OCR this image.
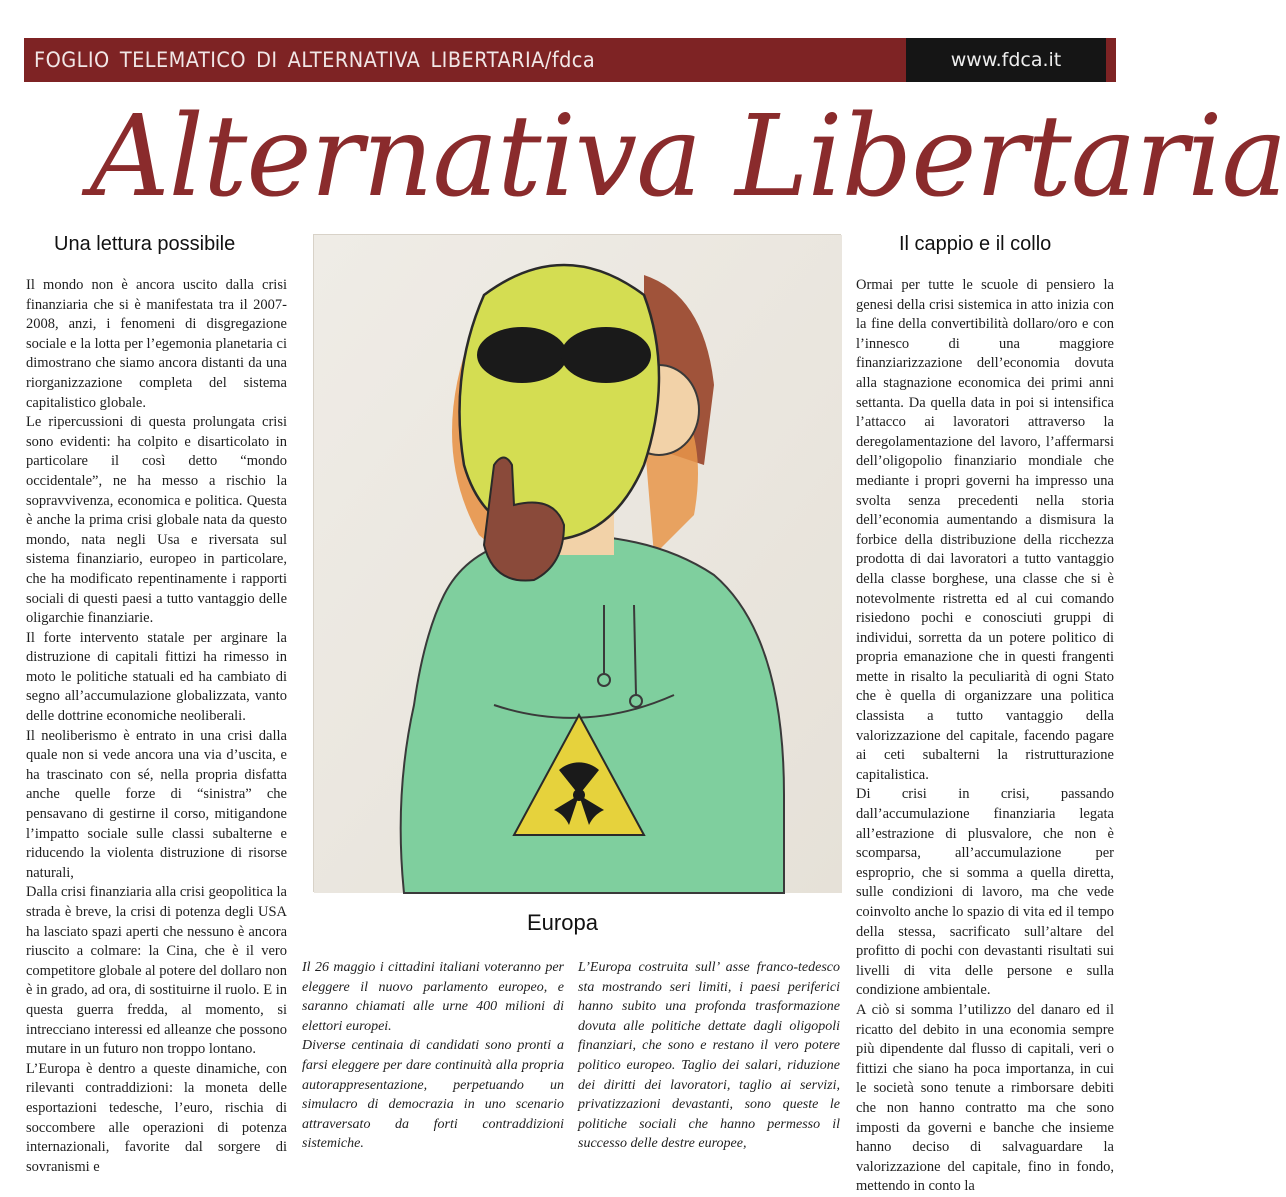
FOGLIO TELEMATICO DI ALTERNATIVA LIBERTARIA/fdca	www.fdca.it
Alternativa Libertaria
Una lettura possibile

Il mondo non è ancora uscito dalla crisi finanziaria che si è manifestata tra il 2007-2008, anzi, i fenomeni di disgregazione sociale e la lotta per l’egemonia planetaria ci dimostrano che siamo ancora distanti da una riorganizzazione completa del sistema capitalistico globale.

Le ripercussioni di questa prolungata crisi sono evidenti: ha colpito e disarticolato in particolare il così detto “mondo occidentale”, ne ha messo a rischio la sopravvivenza, economica e politica. Questa è anche la prima crisi globale nata da questo mondo, nata negli Usa e riversata sul sistema finanziario, europeo in particolare, che ha modificato repentinamente i rapporti sociali di questi paesi a tutto vantaggio delle oligarchie finanziarie.

Il forte intervento statale per arginare la distruzione di capitali fittizi ha rimesso in moto le politiche statuali ed ha cambiato di segno all’accumulazione globalizzata, vanto delle dottrine economiche neoliberali.

Il neoliberismo è entrato in una crisi dalla quale non si vede ancora una via d’uscita, e ha trascinato con sé, nella propria disfatta anche quelle forze di “sinistra” che pensavano di gestirne il corso, mitigandone l’impatto sociale sulle classi subalterne e riducendo la violenta distruzione di risorse naturali,

Dalla crisi finanziaria alla crisi geopolitica la strada è breve, la crisi di potenza degli USA ha lasciato spazi aperti che nessuno è ancora riuscito a colmare: la Cina, che è il vero competitore globale al potere del dollaro non è in grado, ad ora, di sostituirne il ruolo. E in questa guerra fredda, al momento, si intrecciano interessi ed alleanze che possono mutare in un futuro non troppo lontano.

L’Europa è dentro a queste dinamiche, con rilevanti contraddizioni: la moneta delle esportazioni tedesche, l’euro, rischia di soccombere alle operazioni di potenza internazionali, favorite dal sorgere di sovranismi e

Europa

Il 26 maggio i cittadini italiani voteranno per eleggere il nuovo parlamento europeo, e saranno chiamati alle urne 400 milioni di elettori europei.

Diverse centinaia di candidati sono pronti a farsi eleggere per dare continuità alla propria autorappresentazione, perpetuando un simulacro di democrazia in uno scenario attraversato da forti contraddizioni sistemiche.

L’Europa costruita sull’ asse franco-tedesco sta mostrando seri limiti, i paesi periferici hanno subito una profonda trasformazione dovuta alle politiche dettate dagli oligopoli finanziari, che sono e restano il vero potere politico europeo. Taglio dei salari, riduzione dei diritti dei lavoratori, taglio ai servizi, privatizzazioni devastanti, sono queste le politiche sociali che hanno permesso il successo delle destre europee,

Il cappio e il collo

Ormai per tutte le scuole di pensiero la genesi della crisi sistemica in atto inizia con la fine della convertibilità dollaro/oro e con l’innesco di una maggiore finanziarizzazione dell’economia dovuta alla stagnazione economica dei primi anni settanta. Da quella data in poi si intensifica l’attacco ai lavoratori attraverso la deregolamentazione del lavoro, l’affermarsi dell’oligopolio finanziario mondiale che mediante i propri governi ha impresso una svolta senza precedenti nella storia dell’economia aumentando a dismisura la forbice della distribuzione della ricchezza prodotta di dai lavoratori a tutto vantaggio della classe borghese, una classe che si è notevolmente ristretta ed al cui comando risiedono pochi e conosciuti gruppi di individui, sorretta da un potere politico di propria emanazione che in questi frangenti mette in risalto la peculiarità di ogni Stato che è quella di organizzare una politica classista a tutto vantaggio della valorizzazione del capitale, facendo pagare ai ceti subalterni la ristrutturazione capitalistica.

Di crisi in crisi, passando dall’accumulazione finanziaria legata all’estrazione di plusvalore, che non è scomparsa, all’accumulazione per esproprio, che si somma a quella diretta, sulle condizioni di lavoro, ma che vede coinvolto anche lo spazio di vita ed il tempo della stessa, sacrificato sull’altare del profitto di pochi con devastanti risultati sui livelli di vita delle persone e sulla condizione ambientale.

A ciò si somma l’utilizzo del danaro ed il ricatto del debito in una economia sempre più dipendente dal flusso di capitali, veri o fittizi che siano ha poca importanza, in cui le società sono tenute a rimborsare debiti che non hanno contratto ma che sono imposti da governi e banche che insieme hanno deciso di salvaguardare la valorizzazione del capitale, fino in fondo, mettendo in conto la
